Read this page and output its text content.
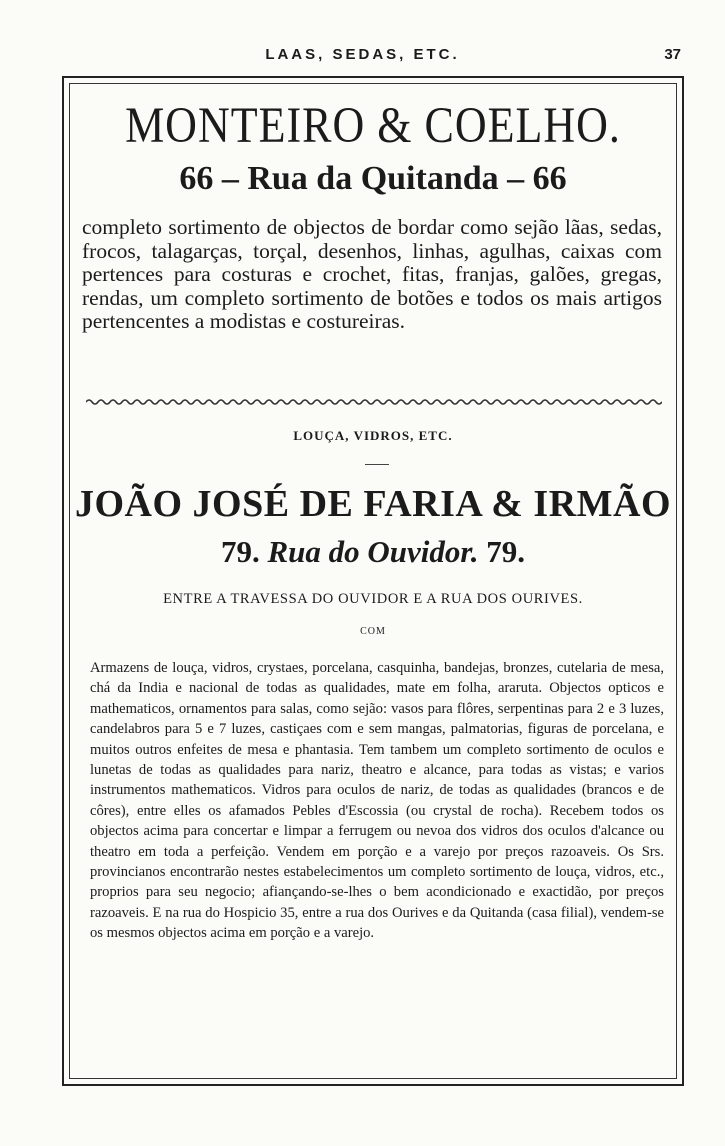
LAAS, SEDAS, ETC.	37
MONTEIRO & COELHO.
66 – Rua da Quitanda – 66

completo sortimento de objectos de bordar como sejão lãas, sedas, frocos, talagarças, torçal, desenhos, linhas, agulhas, caixas com pertences para costuras e crochet, fitas, franjas, galões, gregas, rendas, um completo sortimento de botões e todos os mais artigos pertencentes a modistas e costureiras.

LOUÇA, VIDROS, ETC.
JOÃO JOSÉ DE FARIA & IRMÃO
79. Rua do Ouvidor. 79.
ENTRE A TRAVESSA DO OUVIDOR E A RUA DOS OURIVES.
COM

Armazens de louça, vidros, crystaes, porcelana, casquinha, bandejas, bronzes, cutelaria de mesa, chá da India e nacional de todas as qualidades, mate em folha, araruta. Objectos opticos e mathematicos, ornamentos para salas, como sejão: vasos para flôres, serpentinas para 2 e 3 luzes, candelabros para 5 e 7 luzes, castiçaes com e sem mangas, palmatorias, figuras de porcelana, e muitos outros enfeites de mesa e phantasia. Tem tambem um completo sortimento de oculos e lunetas de todas as qualidades para nariz, theatro e alcance, para todas as vistas; e varios instrumentos mathematicos. Vidros para oculos de nariz, de todas as qualidades (brancos e de côres), entre elles os afamados Pebles d'Escossia (ou crystal de rocha). Recebem todos os objectos acima para concertar e limpar a ferrugem ou nevoa dos vidros dos oculos d'alcance ou theatro em toda a perfeição. Vendem em porção e a varejo por preços razoaveis. Os Srs. provincianos encontrarão nestes estabelecimentos um completo sortimento de louça, vidros, etc., proprios para seu negocio; afiançando-se-lhes o bem acondicionado e exactidão, por preços razoaveis. E na rua do Hospicio 35, entre a rua dos Ourives e da Quitanda (casa filial), vendem-se os mesmos objectos acima em porção e a varejo.
